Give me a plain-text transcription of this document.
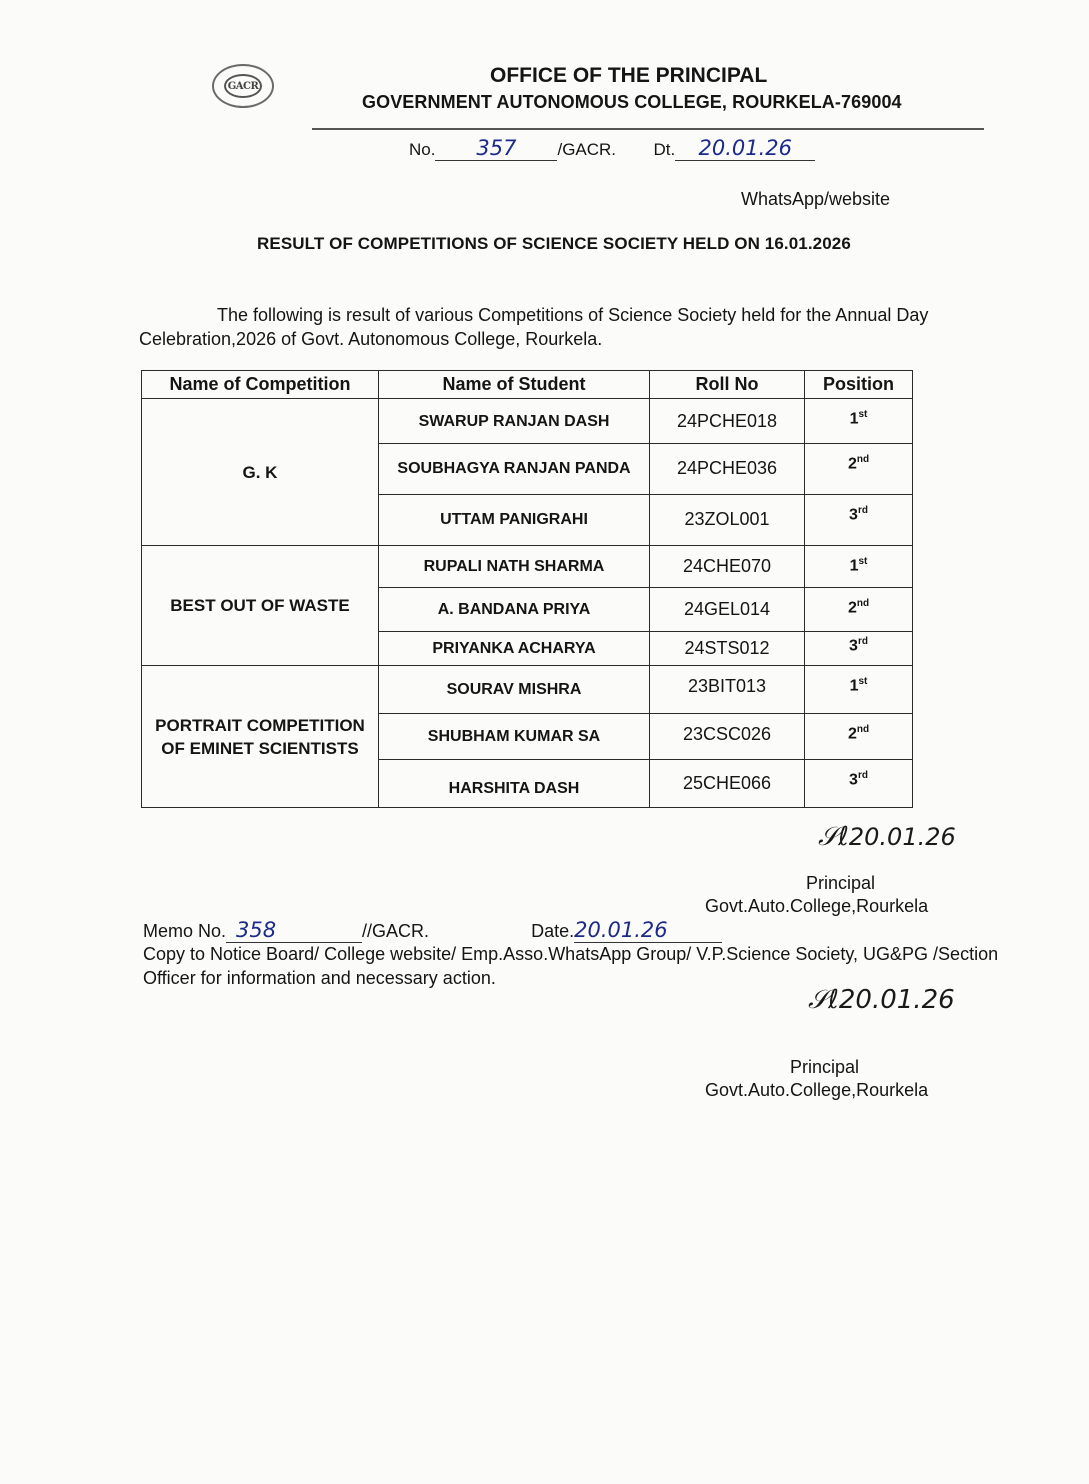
GACR	OFFICE OF THE PRINCIPAL
GOVERNMENT AUTONOMOUS COLLEGE, ROURKELA-769004
No. 357 /GACR. Dt. 20.01.26
WhatsApp/website
RESULT OF COMPETITIONS OF SCIENCE SOCIETY HELD ON 16.01.2026
The following is result of various Competitions of Science Society held for the Annual Day Celebration,2026 of Govt. Autonomous College, Rourkela.
Name of Competition	Name of Student	Roll No	Position
G. K	SWARUP RANJAN DASH	24PCHE018	1st
	SOUBHAGYA RANJAN PANDA	24PCHE036	2nd
	UTTAM PANIGRAHI	23ZOL001	3rd
BEST OUT OF WASTE	RUPALI NATH SHARMA	24CHE070	1st
	A. BANDANA PRIYA	24GEL014	2nd
	PRIYANKA ACHARYA	24STS012	3rd
PORTRAIT COMPETITION OF EMINET SCIENTISTS	SOURAV MISHRA	23BIT013	1st
	SHUBHAM KUMAR SA	23CSC026	2nd
	HARSHITA DASH	25CHE066	3rd
𝒮ℓ20.01.26
Principal
Govt.Auto.College,Rourkela
Memo No. 358	//GACR.	Date.20.01.26
Copy to Notice Board/ College website/ Emp.Asso.WhatsApp Group/ V.P.Science Society, UG&PG /Section Officer for information and necessary action.
𝒮ℓ20.01.26
Principal
Govt.Auto.College,Rourkela
